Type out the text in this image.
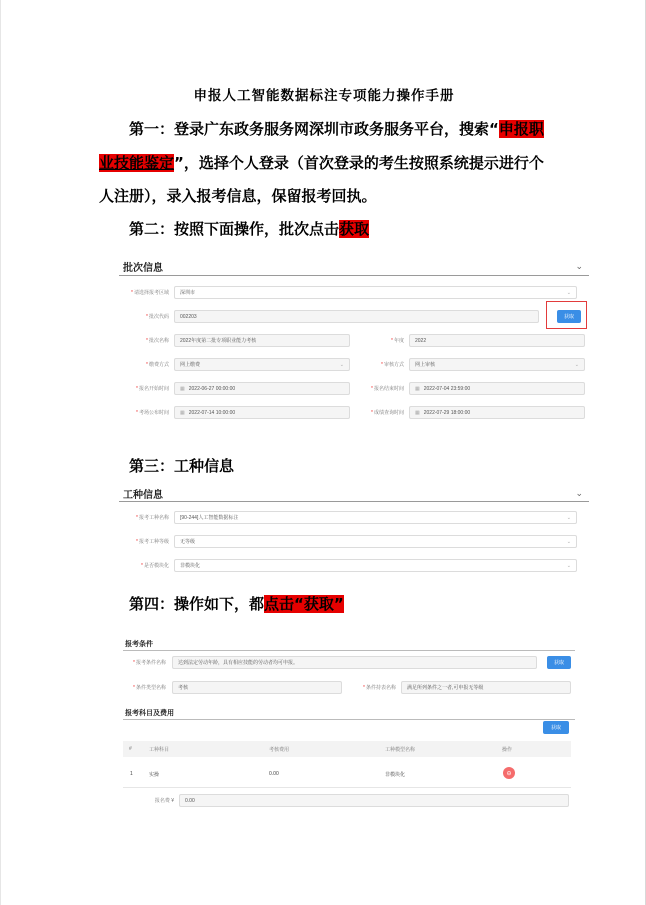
申报人工智能数据标注专项能力操作手册
第一：登录广东政务服务网深圳市政务服务平台，搜索“申报职
业技能鉴定”，选择个人登录（首次登录的考生按照系统提示进行个
人注册），录入报考信息，保留报考回执。
第二：按照下面操作，批次点击获取
批次信息	⌄
*请选择报考区域 深圳市	⌄
*批次代码	002203	获取
*批次名称	2022年度第二批专项职业能力考核	*年度	2022
*缴费方式 网上缴费	⌄	*审核方式 网上审核	⌄
*报名开始时间 ▦ 2022-06-27 00:00:00	*报名结束时间 ▦ 2022-07-04 23:59:00
*考场公布时间 ▦ 2022-07-14 10:00:00	*成绩查询时间 ▦ 2022-07-29 18:00:00
第三：工种信息
工种信息	⌄
*报考工种名称 [90-244]人工智能数据标注	⌄
*报考工种等级 无等级	⌄
*是否模块化 非模块化	⌄
第四：操作如下，都点击“获取”
报考条件
*报考条件名称	达到法定劳动年龄，具有相应技能的劳动者均可申报。	获取
*条件类型名称	考核	*条件持表名称	满足所列条件之一者,可申报无等级
报考科目及费用
获取
#	工种科目	考核费用	工种模型名称	操作
1	实操	0.00	非模块化	⊖
报名费 ¥	0.00
